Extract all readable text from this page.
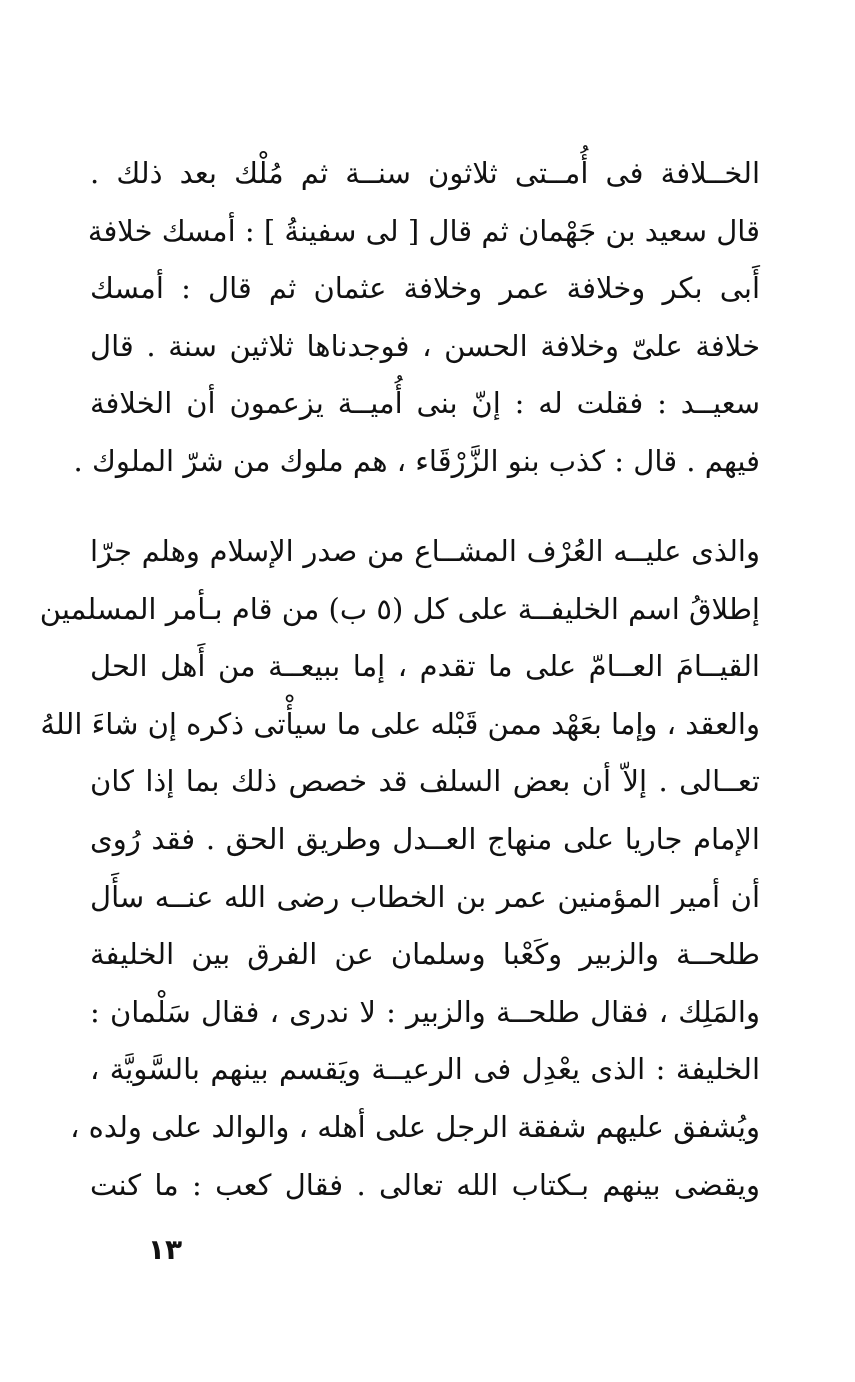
الخــلافة فى أُمــتى ثلاثون سنــة ثم مُلْك بعد ذلك .
قال سعيد بن جَهْمان ثم قال [ لى سفينةُ ] : أمسك خلافة
أَبى بكر وخلافة عمر وخلافة عثمان ثم قال : أمسك
خلافة علىّ وخلافة الحسن ، فوجدناها ثلاثين سنة . قال
سعيــد : فقلت له : إنّ بنى أُميــة يزعمون أن الخلافة
فيهم . قال : كذب بنو الزَّرْقَاء ، هم ملوك من شرّ الملوك .
والذى عليــه العُرْف المشــاع من صدر الإسلام وهلم جرّا
إطلاقُ اسم الخليفــة على كل (٥ ب) من قام بـأمر المسلمين
القيــامَ العــامّ على ما تقدم ، إما ببيعــة من أَهل الحل
والعقد ، وإما بعَهْد ممن قَبْله على ما سيأْتى ذكره إن شاءَ اللهُ
تعــالى . إلاّ أن بعض السلف قد خصص ذلك بما إذا كان
الإمام جاريا على منهاج العــدل وطريق الحق . فقد رُوى
أن أمير المؤمنين عمر بن الخطاب رضى الله عنــه سأَل
طلحــة والزبير وكَعْبا وسلمان عن الفرق بين الخليفة
والمَلِك ، فقال طلحــة والزبير : لا ندرى ، فقال سَلْمان :
الخليفة : الذى يعْدِل فى الرعيــة ويَقسم بينهم بالسَّويَّة ،
ويُشفق عليهم شفقة الرجل على أهله ، والوالد على ولده ،
ويقضى بينهم بـكتاب الله تعالى . فقال كعب : ما كنت
١٣
